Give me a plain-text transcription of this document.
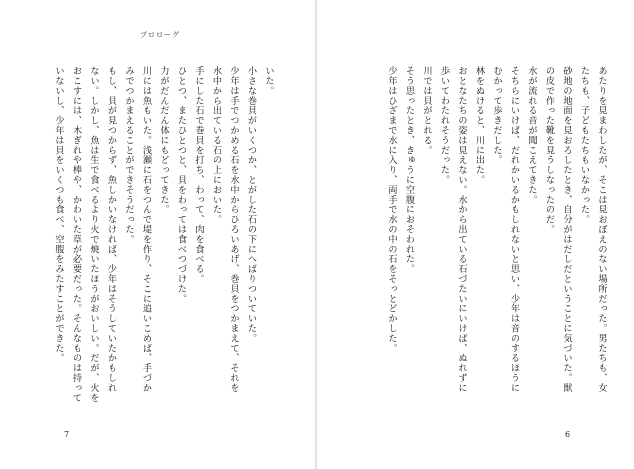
プロローグ
いた。
小さな巻貝がいくつか、とがした石の下にへばりついていた。
少年は手でつかめる石を水中からひろいあげ、巻貝をつかまえて、それを
水中から出ている石の上においた。
手にした石で巻貝を打ち、わって、肉を食べる。
ひとつ、またひとつと、貝をわっては食べつづけた。
力がだんだん体にもどってきた。
川には魚もいた。浅瀬に石をつんで堤を作り、そこに追いこめば、手づか
みでつかまえることができそうだった。
もし、貝が見つからず、魚しかいなければ、少年はそうしていたかもしれ
ない。しかし、魚は生で食べるより火で焼いたほうがおいしい。だが、火を
おこすには、木ぎれや棒や、かわいた草が必要だった。そんなものは持って
いないし、少年は貝をいくつも食べ、空腹をみたすことができた。
7
あたりを見まわしたが、そこは見おぼえのない場所だった。男たちも、女
たちも、子どもたちもいなかった。
砂地の地面を見おろしたとき、自分がはだしだということに気づいた。獣
の皮で作った靴を見うしなったのだ。
水が流れる音が聞こえてきた。
そちらにいけば、だれかいるかもしれないと思い、少年は音のするほうに
むかって歩きだした。
林をぬけると、川に出た。
おとなたちの姿は見えない。水から出ている石づたいにいけば、ぬれずに
歩いてわたれそうだった。
川では貝がとれる。
そう思ったとき、きゅうに空腹におそわれた。
少年はひざまで水に入り、両手で水の中の石をそっとどかした。
6
